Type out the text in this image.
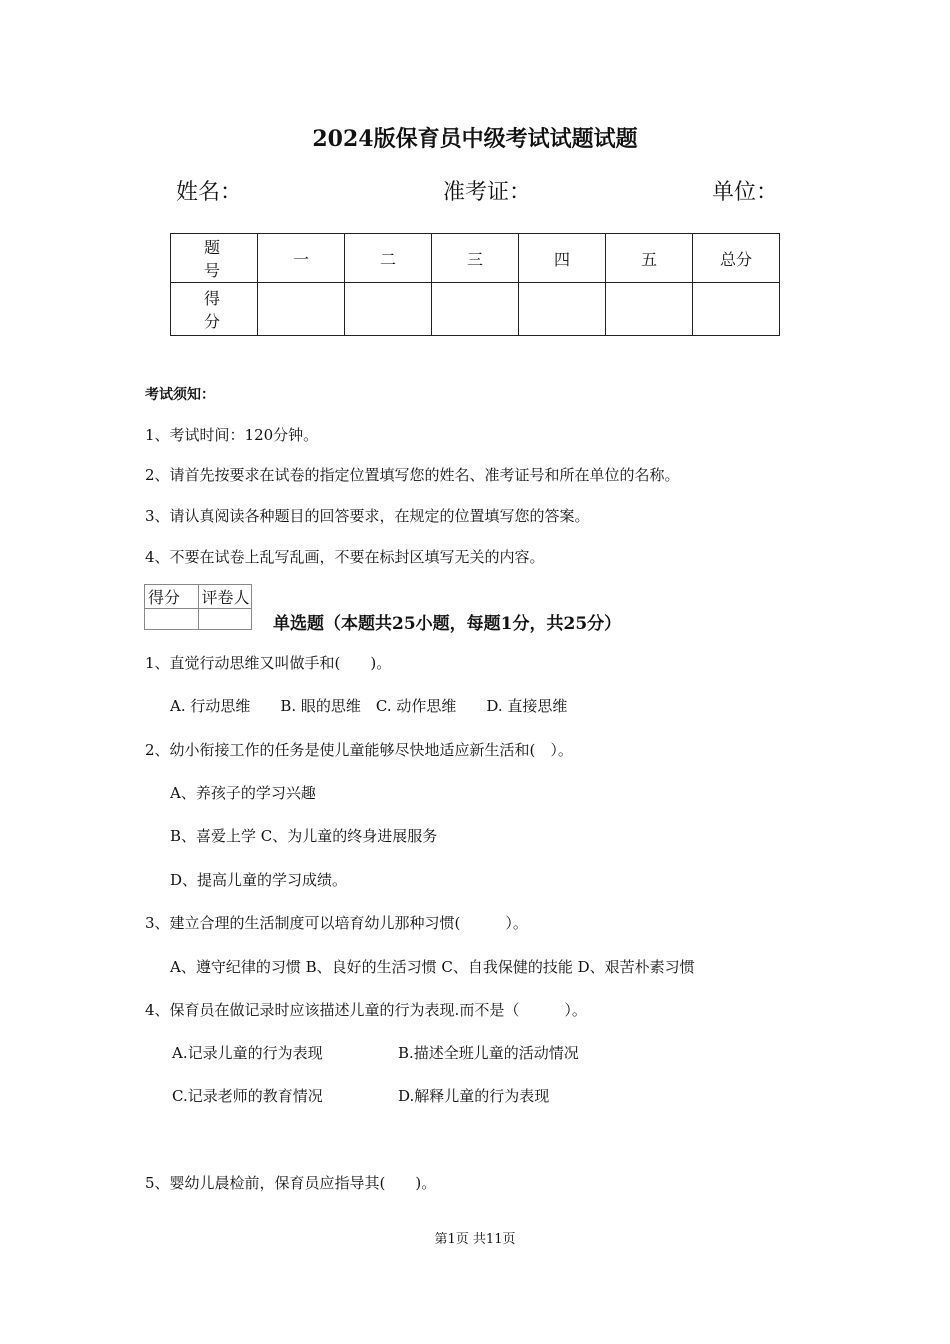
2024版保育员中级考试试题试题
姓名：	准考证：	单位：
题　号	一	二	三	四	五	总分
得　分						
考试须知：
1、考试时间：120分钟。
2、请首先按要求在试卷的指定位置填写您的姓名、准考证号和所在单位的名称。
3、请认真阅读各种题目的回答要求，在规定的位置填写您的答案。
4、不要在试卷上乱写乱画，不要在标封区填写无关的内容。
得分	评卷人

单选题（本题共25小题，每题1分，共25分）
1、直觉行动思维又叫做手和(　　)。
A. 行动思维　　B. 眼的思维　C. 动作思维　　D. 直接思维
2、幼小衔接工作的任务是使儿童能够尽快地适应新生活和(　）。
A、养孩子的学习兴趣
B、喜爱上学 C、为儿童的终身进展服务
D、提高儿童的学习成绩。
3、建立合理的生活制度可以培育幼儿那种习惯(　　　）。
A、遵守纪律的习惯 B、良好的生活习惯 C、自我保健的技能 D、艰苦朴素习惯
4、保育员在做记录时应该描述儿童的行为表现.而不是（　　　）。
A.记录儿童的行为表现	B.描述全班儿童的活动情况
C.记录老师的教育情况	D.解释儿童的行为表现
5、婴幼儿晨检前，保育员应指导其(　　)。
第1页 共11页
